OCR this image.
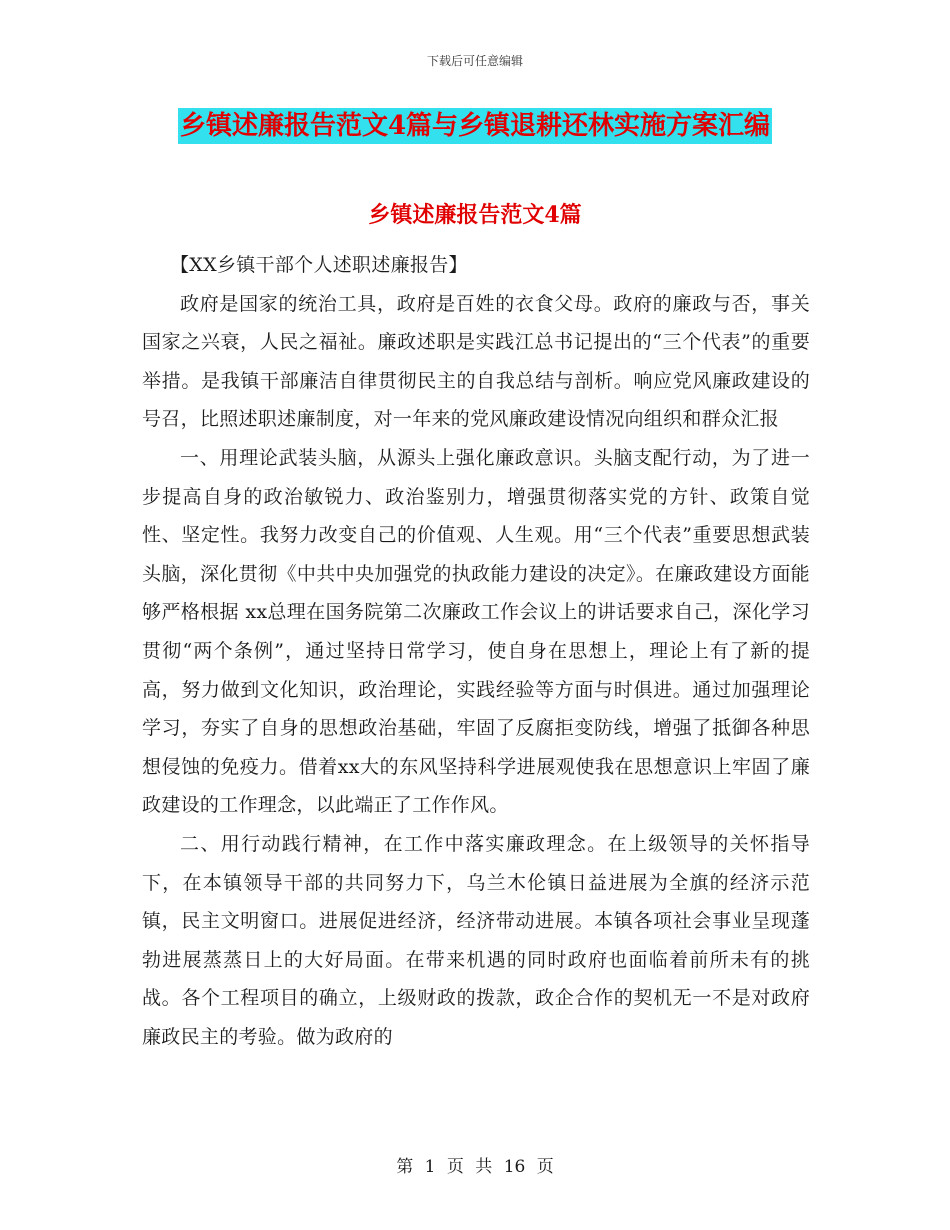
下载后可任意编辑
乡镇述廉报告范文4篇与乡镇退耕还林实施方案汇编
乡镇述廉报告范文4篇

【XX乡镇干部个人述职述廉报告】

政府是国家的统治工具，政府是百姓的衣食父母。政府的廉政与否，事关国家之兴衰，人民之福祉。廉政述职是实践江总书记提出的“三个代表”的重要举措。是我镇干部廉洁自律贯彻民主的自我总结与剖析。响应党风廉政建设的号召，比照述职述廉制度，对一年来的党风廉政建设情况向组织和群众汇报

一、用理论武装头脑，从源头上强化廉政意识。头脑支配行动，为了进一步提高自身的政治敏锐力、政治鉴别力，增强贯彻落实党的方针、政策自觉性、坚定性。我努力改变自己的价值观、人生观。用“三个代表”重要思想武装头脑，深化贯彻《中共中央加强党的执政能力建设的决定》。在廉政建设方面能够严格根据 xx总理在国务院第二次廉政工作会议上的讲话要求自己，深化学习贯彻“两个条例”，通过坚持日常学习，使自身在思想上，理论上有了新的提高，努力做到文化知识，政治理论，实践经验等方面与时俱进。通过加强理论学习，夯实了自身的思想政治基础，牢固了反腐拒变防线，增强了抵御各种思想侵蚀的免疫力。借着xx大的东风坚持科学进展观使我在思想意识上牢固了廉政建设的工作理念，以此端正了工作作风。

二、用行动践行精神，在工作中落实廉政理念。在上级领导的关怀指导下，在本镇领导干部的共同努力下，乌兰木伦镇日益进展为全旗的经济示范镇，民主文明窗口。进展促进经济，经济带动进展。本镇各项社会事业呈现蓬勃进展蒸蒸日上的大好局面。在带来机遇的同时政府也面临着前所未有的挑战。各个工程项目的确立，上级财政的拨款，政企合作的契机无一不是对政府廉政民主的考验。做为政府的

第 1 页 共 16 页
